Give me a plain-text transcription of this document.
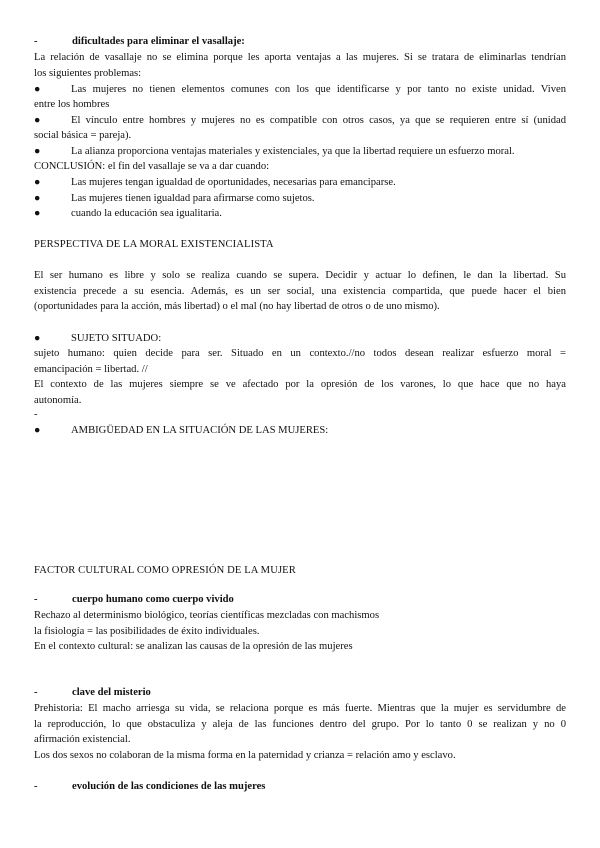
-	dificultades para eliminar el vasallaje:
La relación de vasallaje no se elimina porque les aporta ventajas a las mujeres. Si se tratara de eliminarlas tendrían
los siguientes problemas:
●	Las mujeres no tienen elementos comunes con los que identificarse y por tanto no existe unidad. Viven
entre los hombres
●	El vínculo entre hombres y mujeres no es compatible con otros casos, ya que se requieren entre sí (unidad
social básica = pareja).
●	La alianza proporciona ventajas materiales y existenciales, ya que la libertad requiere un esfuerzo moral.
CONCLUSIÓN: el fin del vasallaje se va a dar cuando:
●	Las mujeres tengan igualdad de oportunidades, necesarias para emanciparse.
●	Las mujeres tienen igualdad para afirmarse como sujetos.
●	cuando la educación sea igualitaria.
PERSPECTIVA DE LA MORAL EXISTENCIALISTA
El ser humano es libre y solo se realiza cuando se supera. Decidir y actuar lo definen, le dan la libertad. Su
existencia precede a su esencia. Además, es un ser social, una existencia compartida, que puede hacer el bien
(oportunidades para la acción, más libertad) o el mal (no hay libertad de otros o de uno mismo).
●	SUJETO SITUADO:
sujeto humano: quien decide para ser. Situado en un contexto.//no todos desean realizar esfuerzo moral =
emancipación = libertad. //
El contexto de las mujeres siempre se ve afectado por la opresión de los varones, lo que hace que no haya
autonomía.
-
●	AMBIGÜEDAD EN LA SITUACIÓN DE LAS MUJERES:
FACTOR CULTURAL COMO OPRESIÓN DE LA MUJER
-	cuerpo humano como cuerpo vivido
Rechazo al determinismo biológico, teorías científicas mezcladas con machismos
la fisiología = las posibilidades de éxito individuales.
En el contexto cultural: se analizan las causas de la opresión de las mujeres
-	clave del misterio
Prehistoria: El macho arriesga su vida, se relaciona porque es más fuerte. Mientras que la mujer es servidumbre de
la reproducción, lo que obstaculiza y aleja de las funciones dentro del grupo. Por lo tanto 0 se realizan y no 0
afirmación existencial.
Los dos sexos no colaboran de la misma forma en la paternidad y crianza = relación amo y esclavo.
-	evolución de las condiciones de las mujeres
